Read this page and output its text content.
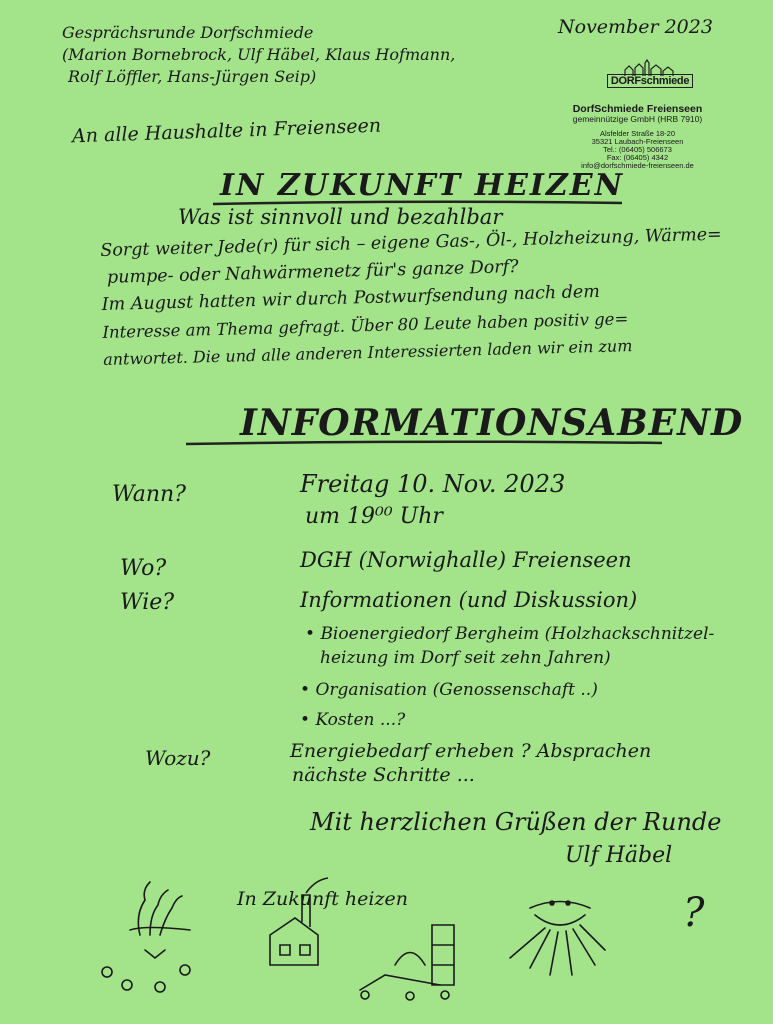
Gesprächsrunde Dorfschmiede
(Marion Bornebrock, Ulf Häbel, Klaus Hofmann,
Rolf Löffler, Hans-Jürgen Seip)
November 2023
DORFschmiede
DorfSchmiede Freienseen
gemeinnützige GmbH (HRB 7910)
Alsfelder Straße 18-20
35321 Laubach-Freienseen
Tel.: (06405) 506673
Fax: (06405) 4342
info@dorfschmiede-freienseen.de
An alle Haushalte in Freienseen
IN ZUKUNFT HEIZEN
Was ist sinnvoll und bezahlbar
Sorgt weiter Jede(r) für sich – eigene Gas-, Öl-, Holzheizung, Wärme=
pumpe- oder Nahwärmenetz für's ganze Dorf?
Im August hatten wir durch Postwurfsendung nach dem
Interesse am Thema gefragt. Über 80 Leute haben positiv ge=
antwortet. Die und alle anderen Interessierten laden wir ein zum
INFORMATIONSABEND
Wann?	Freitag 10. Nov. 2023
um 19⁰⁰ Uhr
Wo?	DGH (Norwighalle) Freienseen
Wie?	Informationen (und Diskussion)
• Bioenergiedorf Bergheim (Holzhackschnitzel-
heizung im Dorf seit zehn Jahren)
• Organisation (Genossenschaft ..)
• Kosten ...?
Wozu?	Energiebedarf erheben ? Absprachen
nächste Schritte ...
Mit herzlichen Grüßen der Runde
Ulf Häbel
In Zukunft heizen	?
